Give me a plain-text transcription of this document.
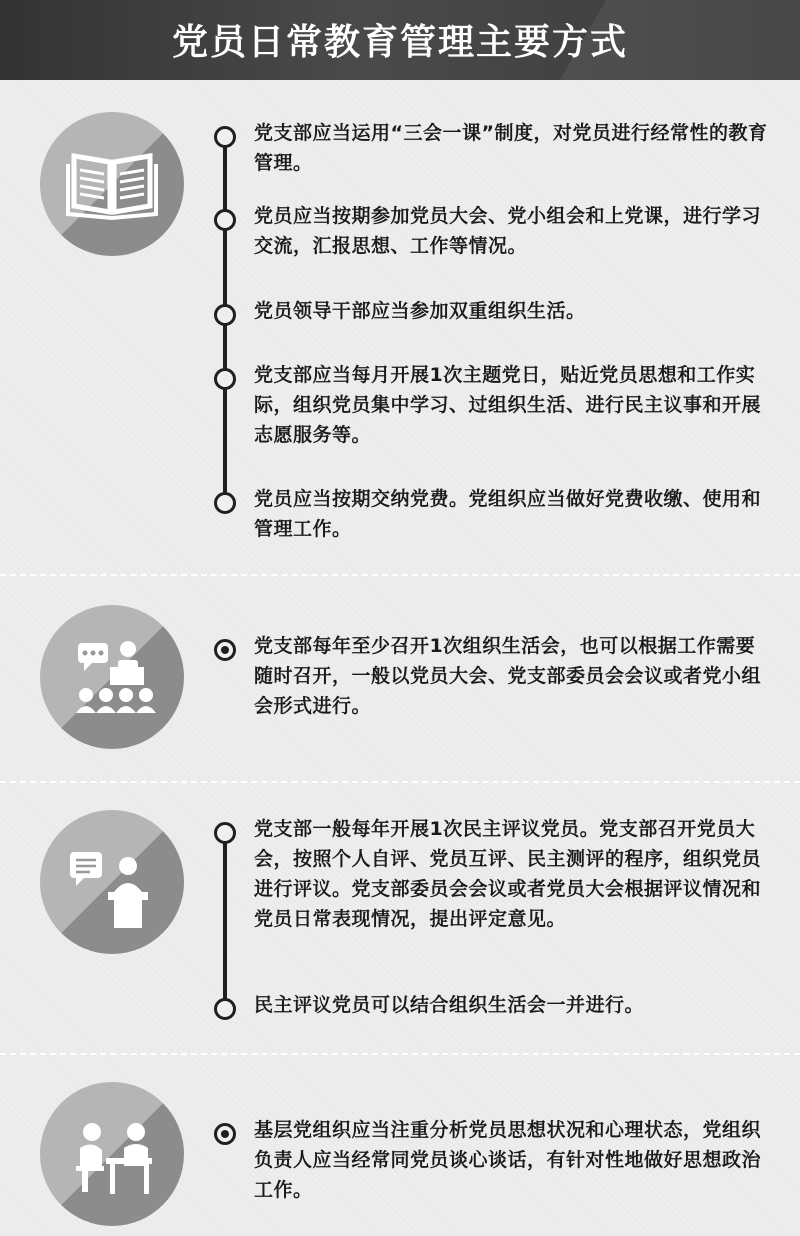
党员日常教育管理主要方式

党支部应当运用“三会一课”制度，对党员进行经常性的教育管理。

党员应当按期参加党员大会、党小组会和上党课，进行学习交流，汇报思想、工作等情况。

党员领导干部应当参加双重组织生活。

党支部应当每月开展1次主题党日，贴近党员思想和工作实际，组织党员集中学习、过组织生活、进行民主议事和开展志愿服务等。

党员应当按期交纳党费。党组织应当做好党费收缴、使用和管理工作。

党支部每年至少召开1次组织生活会，也可以根据工作需要随时召开，一般以党员大会、党支部委员会会议或者党小组会形式进行。

党支部一般每年开展1次民主评议党员。党支部召开党员大会，按照个人自评、党员互评、民主测评的程序，组织党员进行评议。党支部委员会会议或者党员大会根据评议情况和党员日常表现情况，提出评定意见。

民主评议党员可以结合组织生活会一并进行。

基层党组织应当注重分析党员思想状况和心理状态，党组织负责人应当经常同党员谈心谈话，有针对性地做好思想政治工作。
